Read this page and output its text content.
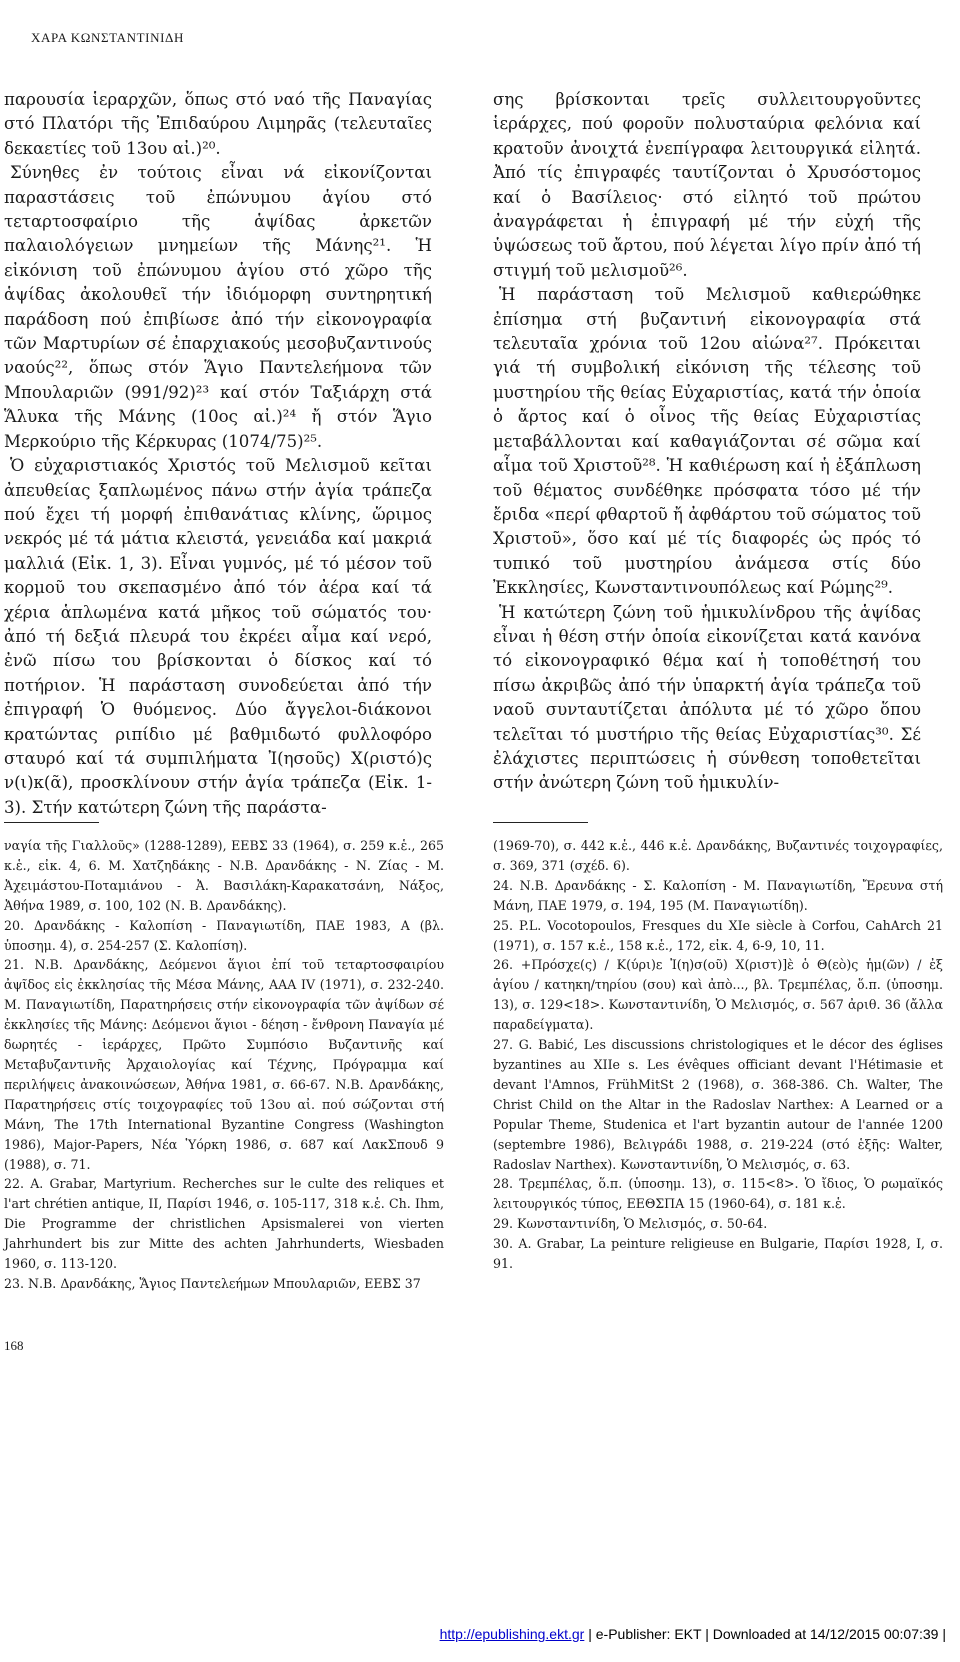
ΧΑΡΑ ΚΩΝΣΤΑΝΤΙΝΙΔΗ

παρουσία ἱεραρχῶν, ὅπως στό ναό τῆς Παναγίας στό Πλατόρι τῆς Ἐπιδαύρου Λιμηρᾶς (τελευταῖες δεκαετίες τοῦ 13ου αἰ.)²⁰.

Σύνηθες ἐν τούτοις εἶναι νά εἰκονίζονται παραστάσεις τοῦ ἐπώνυμου ἁγίου στό τεταρτοσφαίριο τῆς ἁψίδας ἀρκετῶν παλαιολόγειων μνημείων τῆς Μάνης²¹. Ἡ εἰκόνιση τοῦ ἐπώνυμου ἁγίου στό χῶρο τῆς ἁψίδας ἀκολουθεῖ τήν ἰδιόμορφη συντηρητική παράδοση πού ἐπιβίωσε ἀπό τήν εἰκονογραφία τῶν Μαρτυρίων σέ ἐπαρχιακούς μεσοβυζαντινούς ναούς²², ὅπως στόν Ἅγιο Παντελεήμονα τῶν Μπουλαριῶν (991/92)²³ καί στόν Ταξιάρχη στά Ἅλυκα τῆς Μάνης (10ος αἰ.)²⁴ ἤ στόν Ἅγιο Μερκούριο τῆς Κέρκυρας (1074/75)²⁵.

Ὁ εὐχαριστιακός Χριστός τοῦ Μελισμοῦ κεῖται ἀπευθείας ξαπλωμένος πάνω στήν ἁγία τράπεζα πού ἔχει τή μορφή ἐπιθανάτιας κλίνης, ὥριμος νεκρός μέ τά μάτια κλειστά, γενειάδα καί μακριά μαλλιά (Εἰκ. 1, 3). Εἶναι γυμνός, μέ τό μέσον τοῦ κορμοῦ του σκεπασμένο ἀπό τόν ἀέρα καί τά χέρια ἁπλωμένα κατά μῆκος τοῦ σώματός του· ἀπό τή δεξιά πλευρά του ἐκρέει αἷμα καί νερό, ἐνῶ πίσω του βρίσκονται ὁ δίσκος καί τό ποτήριον. Ἡ παράσταση συνοδεύεται ἀπό τήν ἐπιγραφή Ὁ θυόμενος. Δύο ἄγγελοι-διάκονοι κρατώντας ριπίδιο μέ βαθμιδωτό φυλλοφόρο σταυρό καί τά συμπιλήματα Ἰ(ησοῦς) Χ(ριστό)ς ν(ι)κ(ᾶ), προσκλίνουν στήν ἁγία τράπεζα (Εἰκ. 1-3). Στήν κατώτερη ζώνη τῆς παράστα-

σης βρίσκονται τρεῖς συλλειτουργοῦντες ἱεράρχες, πού φοροῦν πολυσταύρια φελόνια καί κρατοῦν ἀνοιχτά ἐνεπίγραφα λειτουργικά εἰλητά. Ἀπό τίς ἐπιγραφές ταυτίζονται ὁ Χρυσόστομος καί ὁ Βασίλειος· στό εἰλητό τοῦ πρώτου ἀναγράφεται ἡ ἐπιγραφή μέ τήν εὐχή τῆς ὑψώσεως τοῦ ἄρτου, πού λέγεται λίγο πρίν ἀπό τή στιγμή τοῦ μελισμοῦ²⁶.

Ἡ παράσταση τοῦ Μελισμοῦ καθιερώθηκε ἐπίσημα στή βυζαντινή εἰκονογραφία στά τελευταῖα χρόνια τοῦ 12ου αἰώνα²⁷. Πρόκειται γιά τή συμβολική εἰκόνιση τῆς τέλεσης τοῦ μυστηρίου τῆς θείας Εὐχαριστίας, κατά τήν ὁποία ὁ ἄρτος καί ὁ οἶνος τῆς θείας Εὐχαριστίας μεταβάλλονται καί καθαγιάζονται σέ σῶμα καί αἷμα τοῦ Χριστοῦ²⁸. Ἡ καθιέρωση καί ἡ ἐξάπλωση τοῦ θέματος συνδέθηκε πρόσφατα τόσο μέ τήν ἔριδα «περί φθαρτοῦ ἤ ἀφθάρτου τοῦ σώματος τοῦ Χριστοῦ», ὅσο καί μέ τίς διαφορές ὡς πρός τό τυπικό τοῦ μυστηρίου ἀνάμεσα στίς δύο Ἐκκλησίες, Κωνσταντινουπόλεως καί Ρώμης²⁹.

Ἡ κατώτερη ζώνη τοῦ ἡμικυλίνδρου τῆς ἁψίδας εἶναι ἡ θέση στήν ὁποία εἰκονίζεται κατά κανόνα τό εἰκονογραφικό θέμα καί ἡ τοποθέτησή του πίσω ἀκριβῶς ἀπό τήν ὑπαρκτή ἁγία τράπεζα τοῦ ναοῦ συνταυτίζεται ἀπόλυτα μέ τό χῶρο ὅπου τελεῖται τό μυστήριο τῆς θείας Εὐχαριστίας³⁰. Σέ ἐλάχιστες περιπτώσεις ἡ σύνθεση τοποθετεῖται στήν ἀνώτερη ζώνη τοῦ ἡμικυλίν-

ναγία τῆς Γιαλλοῦς» (1288-1289), ΕΕΒΣ 33 (1964), σ. 259 κ.ἑ., 265 κ.ἑ., εἰκ. 4, 6. Μ. Χατζηδάκης - Ν.Β. Δρανδάκης - Ν. Ζίας - Μ. Ἀχειμάστου-Ποταμιάνου - Ἀ. Βασιλάκη-Καρακατσάνη, Νάξος, Ἀθήνα 1989, σ. 100, 102 (Ν. Β. Δρανδάκης).

20. Δρανδάκης - Καλοπίση - Παναγιωτίδη, ΠΑΕ 1983, Α (βλ. ὑποσημ. 4), σ. 254-257 (Σ. Καλοπίση).

21. Ν.Β. Δρανδάκης, Δεόμενοι ἅγιοι ἐπί τοῦ τεταρτοσφαιρίου ἀψῖδος εἰς ἐκκλησίας τῆς Μέσα Μάνης, ΑΑΑ IV (1971), σ. 232-240. Μ. Παναγιωτίδη, Παρατηρήσεις στήν εἰκονογραφία τῶν ἀψίδων σέ ἐκκλησίες τῆς Μάνης: Δεόμενοι ἅγιοι - δέηση - ἔνθρονη Παναγία μέ δωρητές - ἱεράρχες, Πρῶτο Συμπόσιο Βυζαντινῆς καί Μεταβυζαντινῆς Ἀρχαιολογίας καί Τέχνης, Πρόγραμμα καί περιλήψεις ἀνακοινώσεων, Ἀθήνα 1981, σ. 66-67. Ν.Β. Δρανδάκης, Παρατηρήσεις στίς τοιχογραφίες τοῦ 13ου αἰ. πού σώζονται στή Μάνη, The 17th International Byzantine Congress (Washington 1986), Major-Papers, Νέα Ὑόρκη 1986, σ. 687 καί ΛακΣπουδ 9 (1988), σ. 71.

22. A. Grabar, Martyrium. Recherches sur le culte des reliques et l'art chrétien antique, II, Παρίσι 1946, σ. 105-117, 318 κ.ἑ. Ch. Ihm, Die Programme der christlichen Apsismalerei von vierten Jahrhundert bis zur Mitte des achten Jahrhunderts, Wiesbaden 1960, σ. 113-120.

23. Ν.Β. Δρανδάκης, Ἅγιος Παντελεήμων Μπουλαριῶν, ΕΕΒΣ 37

(1969-70), σ. 442 κ.ἑ., 446 κ.ἑ. Δρανδάκης, Βυζαντινές τοιχογραφίες, σ. 369, 371 (σχέδ. 6).

24. Ν.Β. Δρανδάκης - Σ. Καλοπίση - Μ. Παναγιωτίδη, Ἔρευνα στή Μάνη, ΠΑΕ 1979, σ. 194, 195 (Μ. Παναγιωτίδη).

25. P.L. Vocotopoulos, Fresques du XIe siècle à Corfou, CahArch 21 (1971), σ. 157 κ.ἑ., 158 κ.ἑ., 172, εἰκ. 4, 6-9, 10, 11.

26. +Πρόσχε(ς) / Κ(ύρι)ε Ἰ(η)σ(οῦ) Χ(ριστ)]ὲ ὁ Θ(εὸ)ς ἡμ(ῶν) / ἐξ ἁγίου / κατηκη/τηρίου (σου) καὶ ἀπὸ..., βλ. Τρεμπέλας, ὅ.π. (ὑποσημ. 13), σ. 129<18>. Κωνσταντινίδη, Ὁ Μελισμός, σ. 567 ἀριθ. 36 (ἄλλα παραδείγματα).

27. G. Babić, Les discussions christologiques et le décor des églises byzantines au XIIe s. Les évêques officiant devant l'Hétimasie et devant l'Amnos, FrühMitSt 2 (1968), σ. 368-386. Ch. Walter, The Christ Child on the Altar in the Radoslav Narthex: A Learned or a Popular Theme, Studenica et l'art byzantin autour de l'année 1200 (septembre 1986), Βελιγράδι 1988, σ. 219-224 (στό ἑξῆς: Walter, Radoslav Narthex). Κωνσταντινίδη, Ὁ Μελισμός, σ. 63.

28. Τρεμπέλας, ὅ.π. (ὑποσημ. 13), σ. 115<8>. Ὁ ἴδιος, Ὁ ρωμαϊκός λειτουργικός τύπος, ΕΕΘΣΠΑ 15 (1960-64), σ. 181 κ.ἑ.

29. Κωνσταντινίδη, Ὁ Μελισμός, σ. 50-64.

30. A. Grabar, La peinture religieuse en Bulgarie, Παρίσι 1928, I, σ. 91.

168
http://epublishing.ekt.gr | e-Publisher: EKT | Downloaded at 14/12/2015 00:07:39 |
